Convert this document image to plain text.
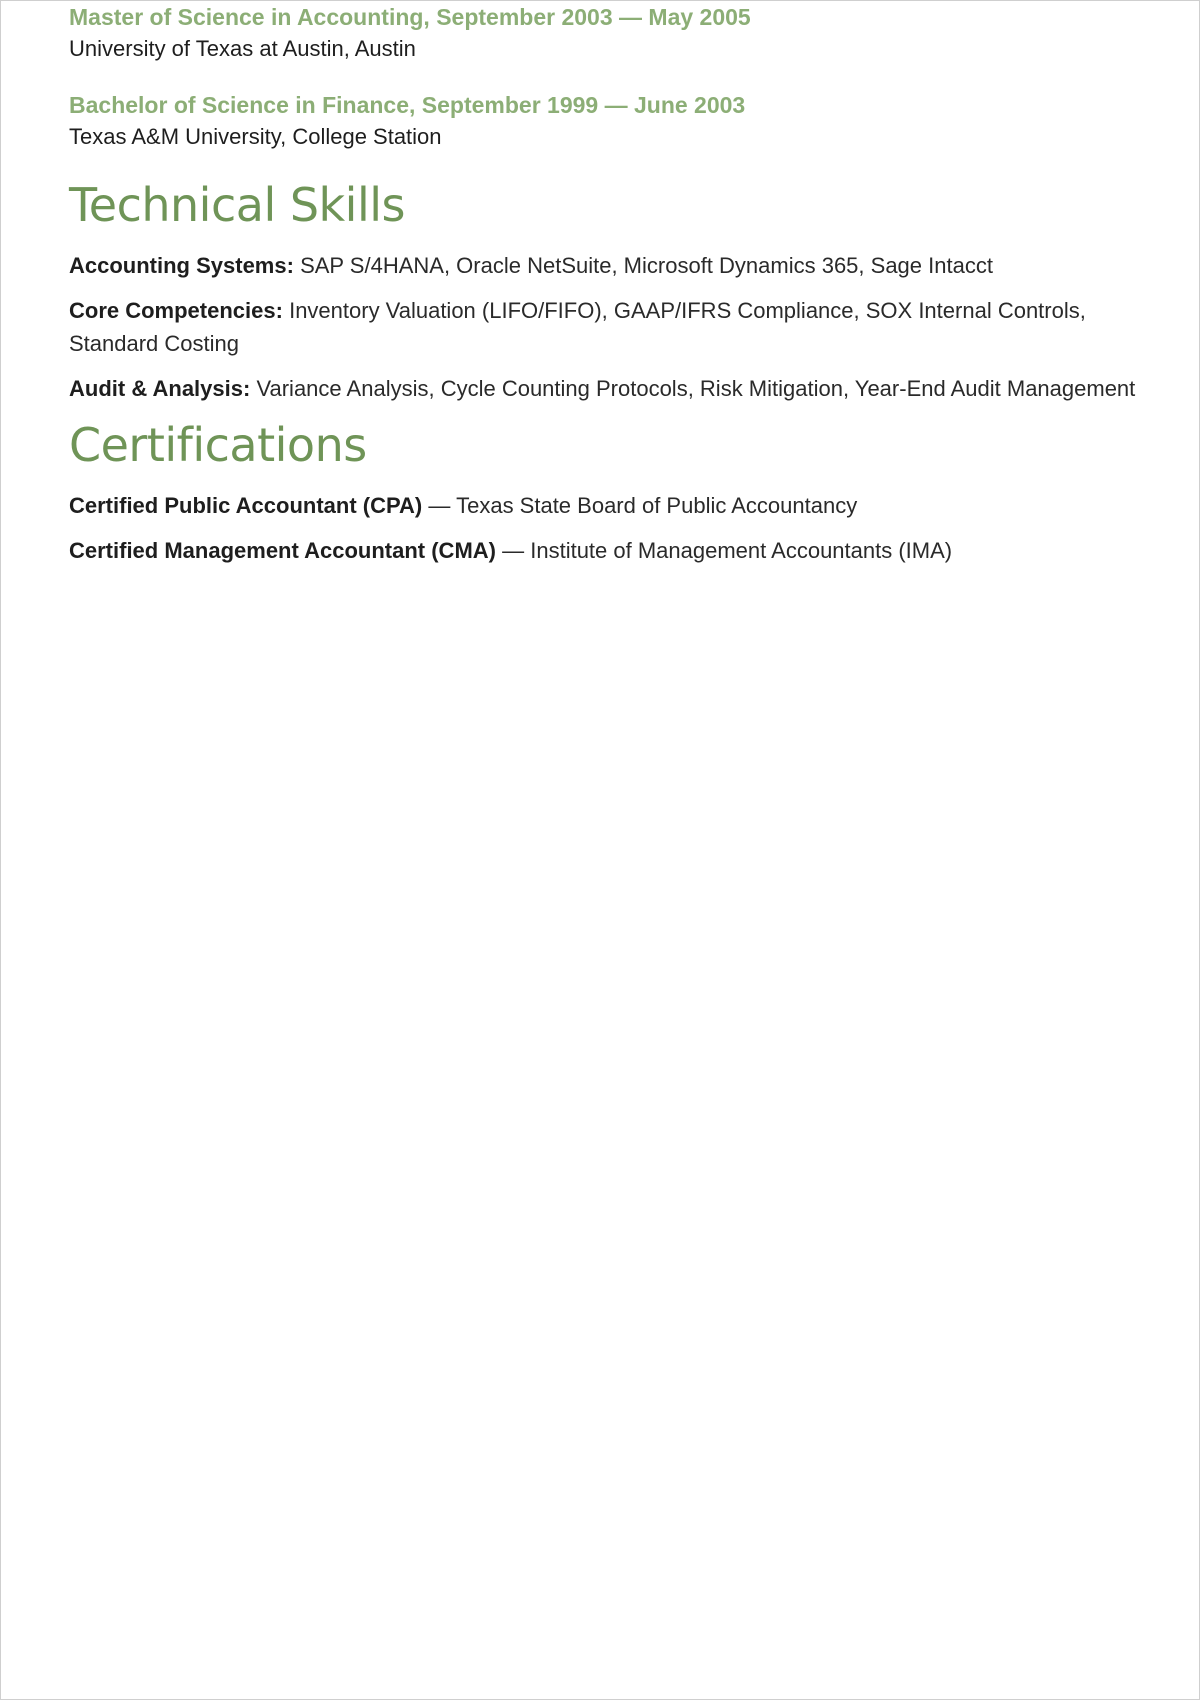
Master of Science in Accounting, September 2003 — May 2005

University of Texas at Austin, Austin

Bachelor of Science in Finance, September 1999 — June 2003

Texas A&M University, College Station

Technical Skills

Accounting Systems: SAP S/4HANA, Oracle NetSuite, Microsoft Dynamics 365, Sage Intacct

Core Competencies: Inventory Valuation (LIFO/FIFO), GAAP/IFRS Compliance, SOX Internal Controls, Standard Costing

Audit & Analysis: Variance Analysis, Cycle Counting Protocols, Risk Mitigation, Year-End Audit Management

Certifications

Certified Public Accountant (CPA) — Texas State Board of Public Accountancy

Certified Management Accountant (CMA) — Institute of Management Accountants (IMA)
